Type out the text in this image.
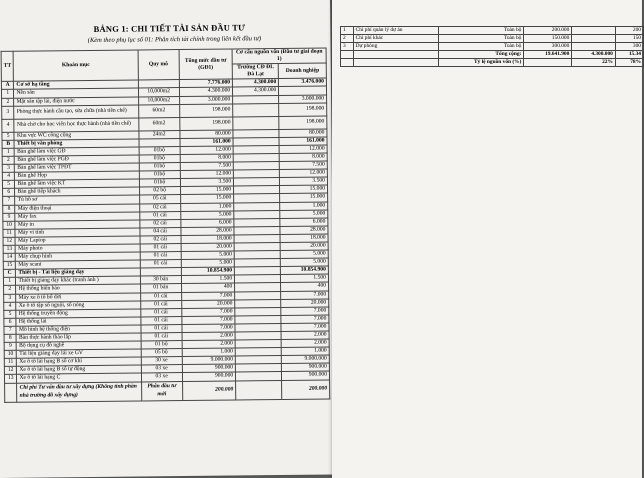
BẢNG 1: CHI TIẾT TÀI SẢN ĐẦU TƯ
(Kèm theo phụ lục số 01: Phân tích tài chính trong liên kết đầu tư)
TT	Khoản mục	Quy mô	Tổng mức đầu tư (GĐ1)	Cơ cấu nguồn vốn (Đầu tư giai đoạn 1)	
				Trường CĐ ĐL Đà Lạt	Doanh nghiệp
A	Cơ sở hạ tầng		7.776.000	4.300.000	3.476.000
1	Nền sân	10,000m2	4.300.000	4.300.000	
2	Mặt sân tập lái, điện nước	10,000m2	3.000.000		3.000.000
3	Phòng thực hành cầu tạo, sửa chữa (nhà tiền chế)	60m2	198.000		198.000
4	Nhà chờ cho học viên học thực hành (nhà tiền chế)	60m2	198.000		198.000
5	Khu vực WC công cộng	24m2	80.000		80.000
B	Thiết bị văn phòng		161.000		161.000
1	Bàn ghế làm việc GĐ	01bộ	12.000		12.000
2	Bàn ghế làm việc PGĐ	01bộ	8.000		8.000
3	Bàn ghế làm việc TPĐT	01bộ	7.500		7.500
4	Bàn ghế Họp	01bộ	12.000		12.000
5	Bàn ghế làm việc KT	01bộ	3.500		3.500
6	Bàn ghế tiếp khách	02 bộ	15.000		15.000
7	Tủ hồ sơ	05 cái	15.000		15.000
8	Máy điện thoại	02 cái	1.000		1.000
9	Máy fax	01 cái	5.000		5.000
10	Máy in	02 cái	6.000		6.000
11	Máy vi tính	04 cái	28.000		28.000
12	Máy Laptop	02 cái	18.000		18.000
13	Máy photo	01 cái	20.000		20.000
14	Máy chụp hình	01 cái	5.000		5.000
15	Máy scant	01 cái	5.000		5.000
C	Thiết bị - Tài liệu giảng dạy		10.854.900		10.854.900
1	Thiết bị giảng dạy khác (tranh ảnh )	30 bản	1.500		1.500
2	Hệ thống biển báo	01 bản	400		400
3	Máy xe ô tô bổ dời	01 cái	7.000		7.000
4	Xe ô tô tập số nguội, số nóng	01 cái	20.000		20.000
5	Hệ thống truyền động	01 cái	7.000		7.000
6	Hệ thống lái	01 cái	7.000		7.000
7	Mô hình hệ thống điện	01 cái	7.000		7.000
8	Bàn thực hành tháo lắp	01 cái	2.000		2.000
9	Bộ dụng cụ đồ nghề	01 bộ	2.000		2.000
10	Tài liệu giảng dạy lái xe GV	05 bộ	1.000		1.000
11	Xe ô tô lái hạng B số cơ khí	30 xe	9.000.000		9.000.000
12	Xe ô tô lái hạng B số tự động	03 xe	900.000		900.000
13	Xe ô tô lái hạng C	03 xe	900.000		900.000
	Chi phí Tư vấn đầu tư xây dựng (Không tính phần nhà trường đã xây dựng)	Phân đầu tư mới	200.000		200.000
1	Chi phí quản lý dự án	Toàn bộ	200.000		200
2	Chi phí khác	Toàn bộ	150.000		150
3	Dự phòng	Toàn bộ	300.000		300
		Tổng cộng:	19.641.900	4.300.000	15.34
		Tỷ lệ nguồn vốn (%)		22%	78%
